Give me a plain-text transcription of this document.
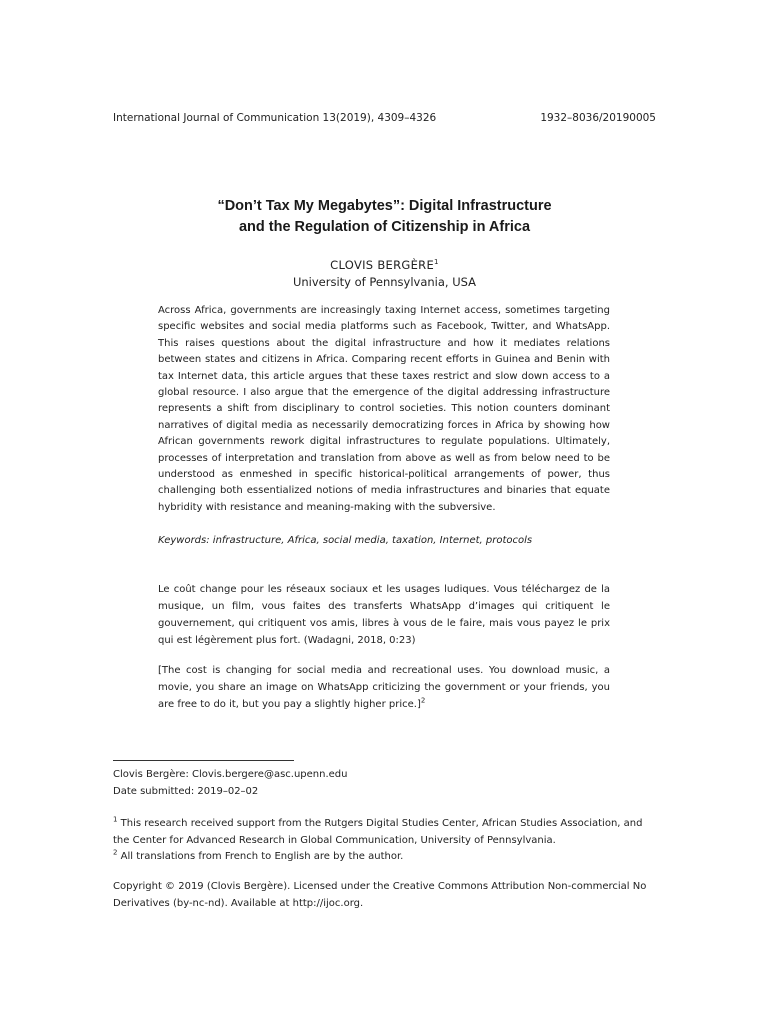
International Journal of Communication 13(2019), 4309–4326	1932–8036/20190005
“Don’t Tax My Megabytes”: Digital Infrastructure
and the Regulation of Citizenship in Africa
CLOVIS BERGÈRE$^1$
University of Pennsylvania, USA

Across Africa, governments are increasingly taxing Internet access, sometimes targeting specific websites and social media platforms such as Facebook, Twitter, and WhatsApp. This raises questions about the digital infrastructure and how it mediates relations between states and citizens in Africa. Comparing recent efforts in Guinea and Benin with tax Internet data, this article argues that these taxes restrict and slow down access to a global resource. I also argue that the emergence of the digital addressing infrastructure represents a shift from disciplinary to control societies. This notion counters dominant narratives of digital media as necessarily democratizing forces in Africa by showing how African governments rework digital infrastructures to regulate populations. Ultimately, processes of interpretation and translation from above as well as from below need to be understood as enmeshed in specific historical-political arrangements of power, thus challenging both essentialized notions of media infrastructures and binaries that equate hybridity with resistance and meaning-making with the subversive.

Keywords: infrastructure, Africa, social media, taxation, Internet, protocols

Le coût change pour les réseaux sociaux et les usages ludiques. Vous téléchargez de la musique, un film, vous faites des transferts WhatsApp d’images qui critiquent le gouvernement, qui critiquent vos amis, libres à vous de le faire, mais vous payez le prix qui est légèrement plus fort. (Wadagni, 2018, 0:23)

[The cost is changing for social media and recreational uses. You download music, a movie, you share an image on WhatsApp criticizing the government or your friends, you are free to do it, but you pay a slightly higher price.]$^2$

Clovis Bergère: Clovis.bergere@asc.upenn.edu
Date submitted: 2019–02–02

$^1$ This research received support from the Rutgers Digital Studies Center, African Studies Association, and the Center for Advanced Research in Global Communication, University of Pennsylvania.

$^2$ All translations from French to English are by the author.

Copyright © 2019 (Clovis Bergère). Licensed under the Creative Commons Attribution Non-commercial No Derivatives (by-nc-nd). Available at http://ijoc.org.
